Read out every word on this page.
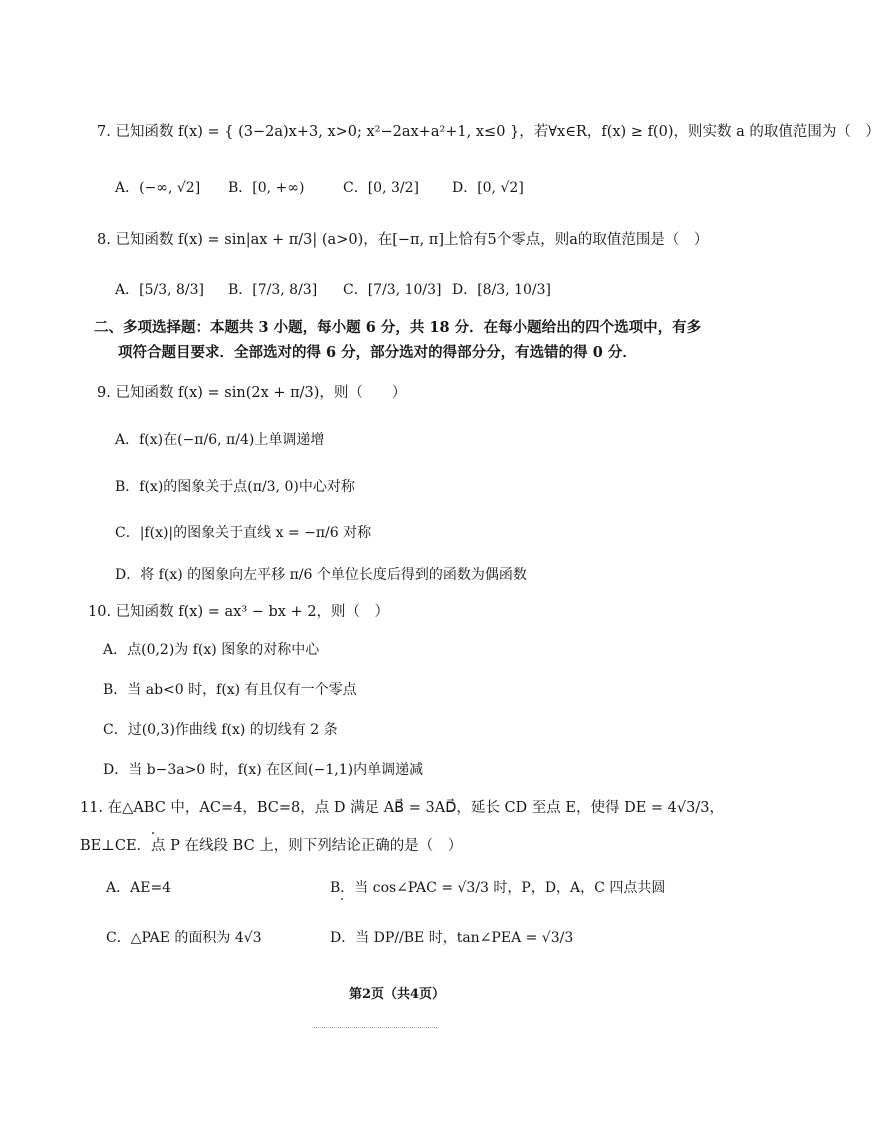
7. 已知函数 f(x) = { (3−2a)x+3, x>0; x²−2ax+a²+1, x≤0 }，若∀x∈R，f(x) ≥ f(0)，则实数 a 的取值范围为（　）
A．(−∞, √2] B．[0, +∞)	C．[0, 3/2] D．[0, √2]
8. 已知函数 f(x) = sin|ax + π/3| (a>0)，在[−π, π]上恰有5个零点，则a的取值范围是（　）
A．[5/3, 8/3] B．[7/3, 8/3] C．[7/3, 10/3] D．[8/3, 10/3]
二、多项选择题：本题共 3 小题，每小题 6 分，共 18 分．在每小题给出的四个选项中，有多
项符合题目要求．全部选对的得 6 分，部分选对的得部分分，有选错的得 0 分．
9. 已知函数 f(x) = sin(2x + π/3)，则（　　）
A．f(x)在(−π/6, π/4)上单调递增
B．f(x)的图象关于点(π/3, 0)中心对称
C．|f(x)|的图象关于直线 x = −π/6 对称
D．将 f(x) 的图象向左平移 π/6 个单位长度后得到的函数为偶函数
10. 已知函数 f(x) = ax³ − bx + 2，则（　）
A．点(0,2)为 f(x) 图象的对称中心
B．当 ab<0 时，f(x) 有且仅有一个零点
C．过(0,3)作曲线 f(x) 的切线有 2 条
D．当 b−3a>0 时，f(x) 在区间(−1,1)内单调递减
11. 在△ABC 中，AC=4，BC=8，点 D 满足 AB⃗ = 3AD⃗，延长 CD 至点 E，使得 DE = 4√3/3，
BE⊥CE．点 P 在线段 BC 上，则下列结论正确的是（　）
A．AE=4	B．当 cos∠PAC = √3/3 时，P，D，A，C 四点共圆
C．△PAE 的面积为 4√3	D．当 DP//BE 时，tan∠PEA = √3/3
第2页（共4页）
